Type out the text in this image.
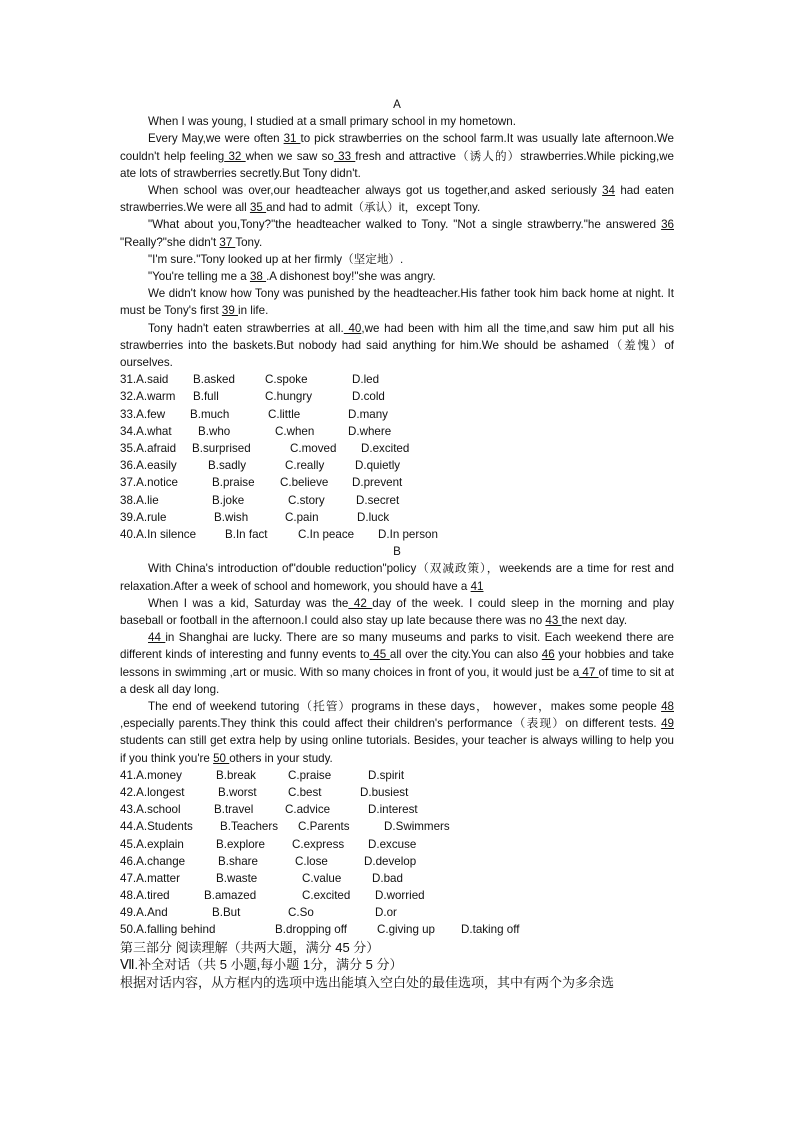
A

When I was young, I studied at a small primary school in my hometown.

Every May,we were often 31 to pick strawberries on the school farm.It was usually late afternoon.We couldn't help feeling 32 when we saw so 33 fresh and attractive（诱人的）strawberries.While picking,we ate lots of strawberries secretly.But Tony didn't.

When school was over,our headteacher always got us together,and asked seriously 34 had eaten strawberries.We were all 35 and had to admit（承认）it，except Tony.

"What about you,Tony?"the headteacher walked to Tony. "Not a single strawberry."he answered 36 "Really?"she didn't 37 Tony.

"I'm sure."Tony looked up at her firmly（坚定地）.

"You're telling me a 38 .A dishonest boy!"she was angry.

We didn't know how Tony was punished by the headteacher.His father took him back home at night. It must be Tony's first 39 in life.

Tony hadn't eaten strawberries at all. 40,we had been with him all the time,and saw him put all his strawberries into the baskets.But nobody had said anything for him.We should be ashamed（羞愧）of ourselves.

31.A.said B.asked	C.spoke	D.led
32.A.warm B.full	C.hungry	D.cold
33.A.few B.much	C.little	D.many
34.A.what B.who	C.when	D.where
35.A.afraid B.surprised	C.moved D.excited
36.A.easily	B.sadly	C.really	D.quietly
37.A.notice	B.praise C.believe D.prevent
38.A.lie	B.joke	C.story	D.secret
39.A.rule	B.wish	C.pain	D.luck
40.A.In silence B.In fact	C.In peace D.In person
B

With China's introduction of"double reduction"policy（双减政策），weekends are a time for rest and relaxation.After a week of school and homework, you should have a 41

When I was a kid, Saturday was the 42 day of the week. I could sleep in the morning and play baseball or football in the afternoon.I could also stay up late because there was no 43 the next day.

44 in Shanghai are lucky. There are so many museums and parks to visit. Each weekend there are different kinds of interesting and funny events to 45 all over the city.You can also 46 your hobbies and take lessons in swimming ,art or music. With so many choices in front of you, it would just be a 47 of time to sit at a desk all day long.

The end of weekend tutoring（托管）programs in these days， however，makes some people 48 ,especially parents.They think this could affect their children's performance（表现）on different tests. 49 students can still get extra help by using online tutorials. Besides, your teacher is always willing to help you if you think you're 50 others in your study.

41.A.money	B.break	C.praise	D.spirit
42.A.longest	B.worst	C.best	D.busiest
43.A.school	B.travel	C.advice	D.interest
44.A.Students B.Teachers C.Parents	D.Swimmers
45.A.explain	B.explore C.express D.excuse
46.A.change	B.share	C.lose	D.develop
47.A.matter	B.waste	C.value	D.bad
48.A.tired	B.amazed	C.excited D.worried
49.A.And	B.But	C.So	D.or
50.A.falling behind	B.dropping off	C.giving up D.taking off

第三部分 阅读理解（共两大题，满分 45 分）

Ⅶ.补全对话（共 5 小题,每小题 1分，满分 5 分）

根据对话内容，从方框内的选项中选出能填入空白处的最佳选项，其中有两个为多余选
